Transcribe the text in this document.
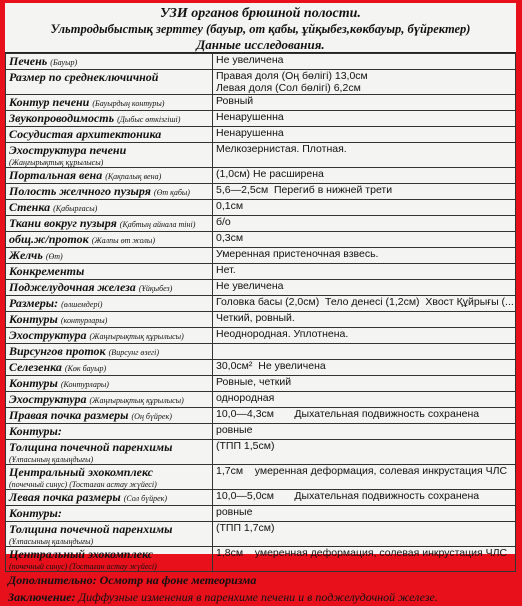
УЗИ органов брюшной полости.
Ультродыбыстық зерттеу (бауыр, от қабы, ұйқыбез,көкбауыр, бүйректер)
Данные исследования.
Печень (Бауыр)	Не увеличена
Размер по среднеключичной	Правая доля (Оң бөлігі) 13,0см
Левая доля (Сол бөлігі) 6,2см
Контур печени (Бауырдың контуры)	Ровный
Звукопроводимость (Дыбыс өткізгіші)	Ненарушенна
Сосудистая архитектоника	Ненарушенна
Эхоструктура печени
(Жаңғырықтық құрылысы)	Мелкозернистая. Плотная.
Портальная вена (Қақпалық вена)	(1,0см) Не расширена
Полость желчного пузыря (Өт қабы)	5,6—2,5см  Перегиб в нижней трети
Стенка (Қабырғасы)	0,1см
Ткани вокруг пузыря (Қабтың айнала тіні)	б/о
общ.ж/проток (Жалпы өт жолы)	0,3см
Желчь (Өт)	Умеренная пристеночная взвесь.
Конкременты	Нет.
Поджелудочная железа (Ұйқыбез)	Не увеличена
Размеры: (өлшемдері)	Головка басы (2,0см)  Тело денесі (1,2см)  Хвост Құйрығы (...
Контуры (контурлары)	Четкий, ровный.
Эхоструктура (Жаңғырықтық құрылысы)	Неоднородная. Уплотнена.
Вирсунгов проток (Вирсунг өзегі)	
Селезенка (Көк бауыр)	30,0см²  Не увеличена
Контуры (Контурлары)	Ровные, четкий
Эхоструктура (Жаңғырықтық құрылысы)	однородная
Правая почка размеры (Оң бүйрек)	10,0—4,3см       Дыхательная подвижность сохранена
Контуры:	ровные
Толщина почечной паренхимы
(Ұлпасының қалыңдығы)	(ТПП 1,5см)
Центральный эхокомплекс
(почечный синус) (Тостаған астау жүйесі)	1,7см    умеренная деформация, солевая инкрустация ЧЛС
Левая почка размеры (Сол бүйрек)	10,0—5,0см       Дыхательная подвижность сохранена
Контуры:	ровные
Толщина почечной паренхимы
(Ұлпасының қалыңдығы)	(ТПП 1,7см)
Центральный эхокомплекс
(почечный синус) (Тостаған астау жүйесі)	1,8см    умеренная деформация, солевая инкрустация ЧЛС
Дополнительно: Осмотр на фоне метеоризма
Заключение: Диффузные изменения в паренхиме печени и в поджелудочной железе.
